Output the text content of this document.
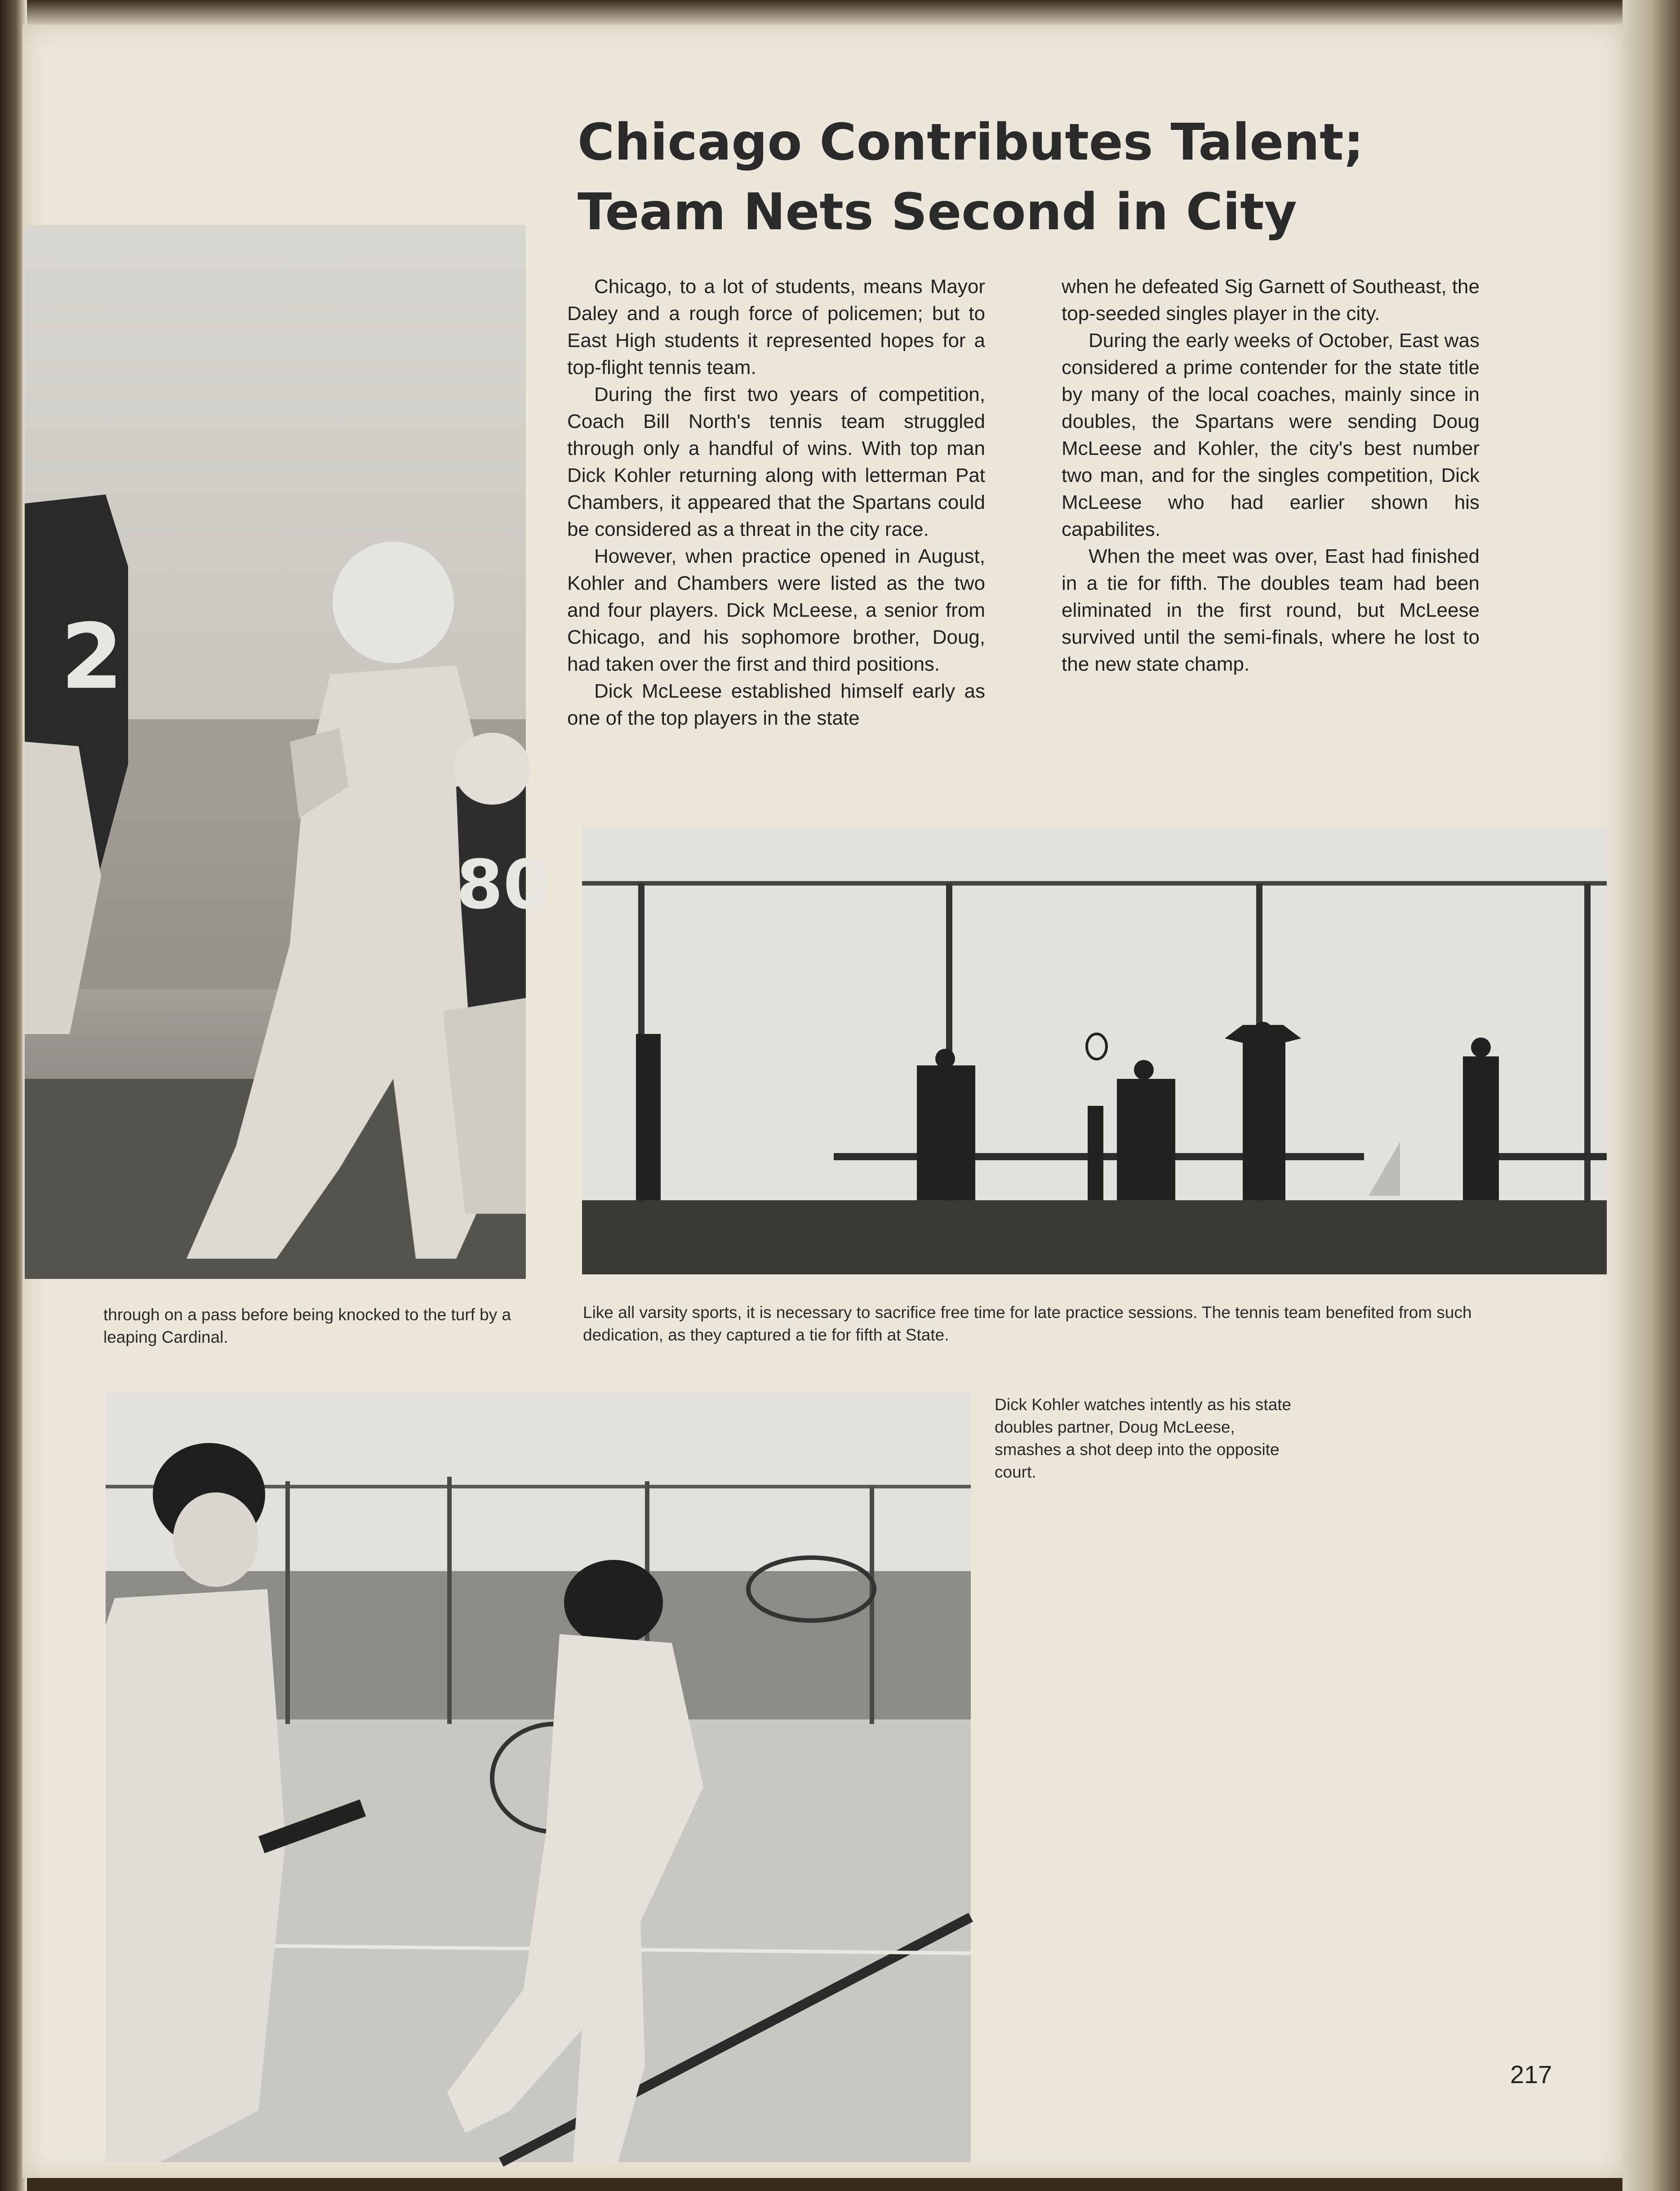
Chicago Contributes Talent;
Team Nets Second in City

Chicago, to a lot of students, means Mayor Daley and a rough force of policemen; but to East High students it represented hopes for a top-flight tennis team.

During the first two years of competition, Coach Bill North's tennis team struggled through only a handful of wins. With top man Dick Kohler returning along with letterman Pat Chambers, it appeared that the Spartans could be considered as a threat in the city race.

However, when practice opened in August, Kohler and Chambers were listed as the two and four players. Dick McLeese, a senior from Chicago, and his sophomore brother, Doug, had taken over the first and third positions.

Dick McLeese established himself early as one of the top players in the state

when he defeated Sig Garnett of Southeast, the top-seeded singles player in the city.

During the early weeks of October, East was considered a prime contender for the state title by many of the local coaches, mainly since in doubles, the Spartans were sending Doug McLeese and Kohler, the city's best number two man, and for the singles competition, Dick McLeese who had earlier shown his capabilites.

When the meet was over, East had finished in a tie for fifth. The doubles team had been eliminated in the first round, but McLeese survived until the semi-finals, where he lost to the new state champ.

2
80

through on a pass before being knocked to the turf by a leaping Cardinal.

Like all varsity sports, it is necessary to sacrifice free time for late practice sessions. The tennis team benefited from such dedication, as they captured a tie for fifth at State.

Dick Kohler watches intently as his state doubles partner, Doug McLeese, smashes a shot deep into the opposite court.

217
